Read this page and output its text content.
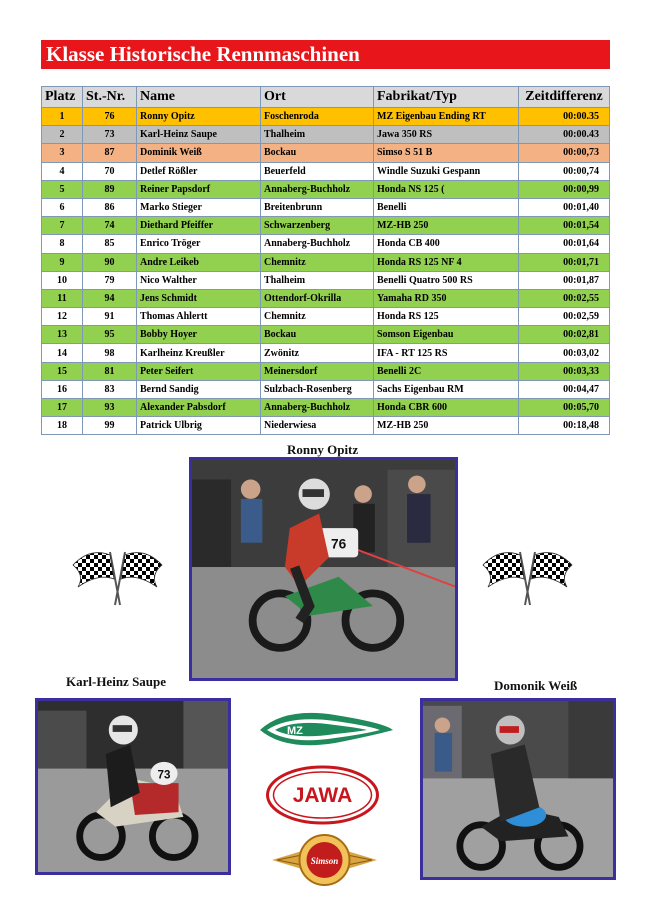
Klasse Historische Rennmaschinen
Platz	St.-Nr.	Name	Ort	Fabrikat/Typ	Zeitdifferenz
1	76	Ronny Opitz	Foschenroda	MZ Eigenbau Ending RT	00:00.35
2	73	Karl-Heinz Saupe	Thalheim	Jawa 350 RS	00:00.43
3	87	Dominik Weiß	Bockau	Simso S 51 B	00:00,73
4	70	Detlef Rößler	Beuerfeld	Windle Suzuki Gespann	00:00,74
5	89	Reiner Papsdorf	Annaberg-Buchholz	Honda NS 125 (	00:00,99
6	86	Marko Stieger	Breitenbrunn	Benelli	00:01,40
7	74	Diethard Pfeiffer	Schwarzenberg	MZ-HB 250	00:01,54
8	85	Enrico Tröger	Annaberg-Buchholz	Honda CB 400	00:01,64
9	90	Andre Leikeb	Chemnitz	Honda RS 125 NF 4	00:01,71
10	79	Nico Walther	Thalheim	Benelli Quatro 500 RS	00:01,87
11	94	Jens Schmidt	Ottendorf-Okrilla	Yamaha RD 350	00:02,55
12	91	Thomas Ahlertt	Chemnitz	Honda RS 125	00:02,59
13	95	Bobby Hoyer	Bockau	Somson Eigenbau	00:02,81
14	98	Karlheinz Kreußler	Zwönitz	IFA - RT 125 RS	00:03,02
15	81	Peter Seifert	Meinersdorf	Benelli 2C	00:03,33
16	83	Bernd Sandig	Sulzbach-Rosenberg	Sachs Eigenbau RM	00:04,47
17	93	Alexander Pabsdorf	Annaberg-Buchholz	Honda CBR 600	00:05,70
18	99	Patrick Ulbrig	Niederwiesa	MZ-HB 250	00:18,48
Ronny Opitz
76
Karl-Heinz Saupe
73
MZ
JAWA
Simson
Domonik Weiß
